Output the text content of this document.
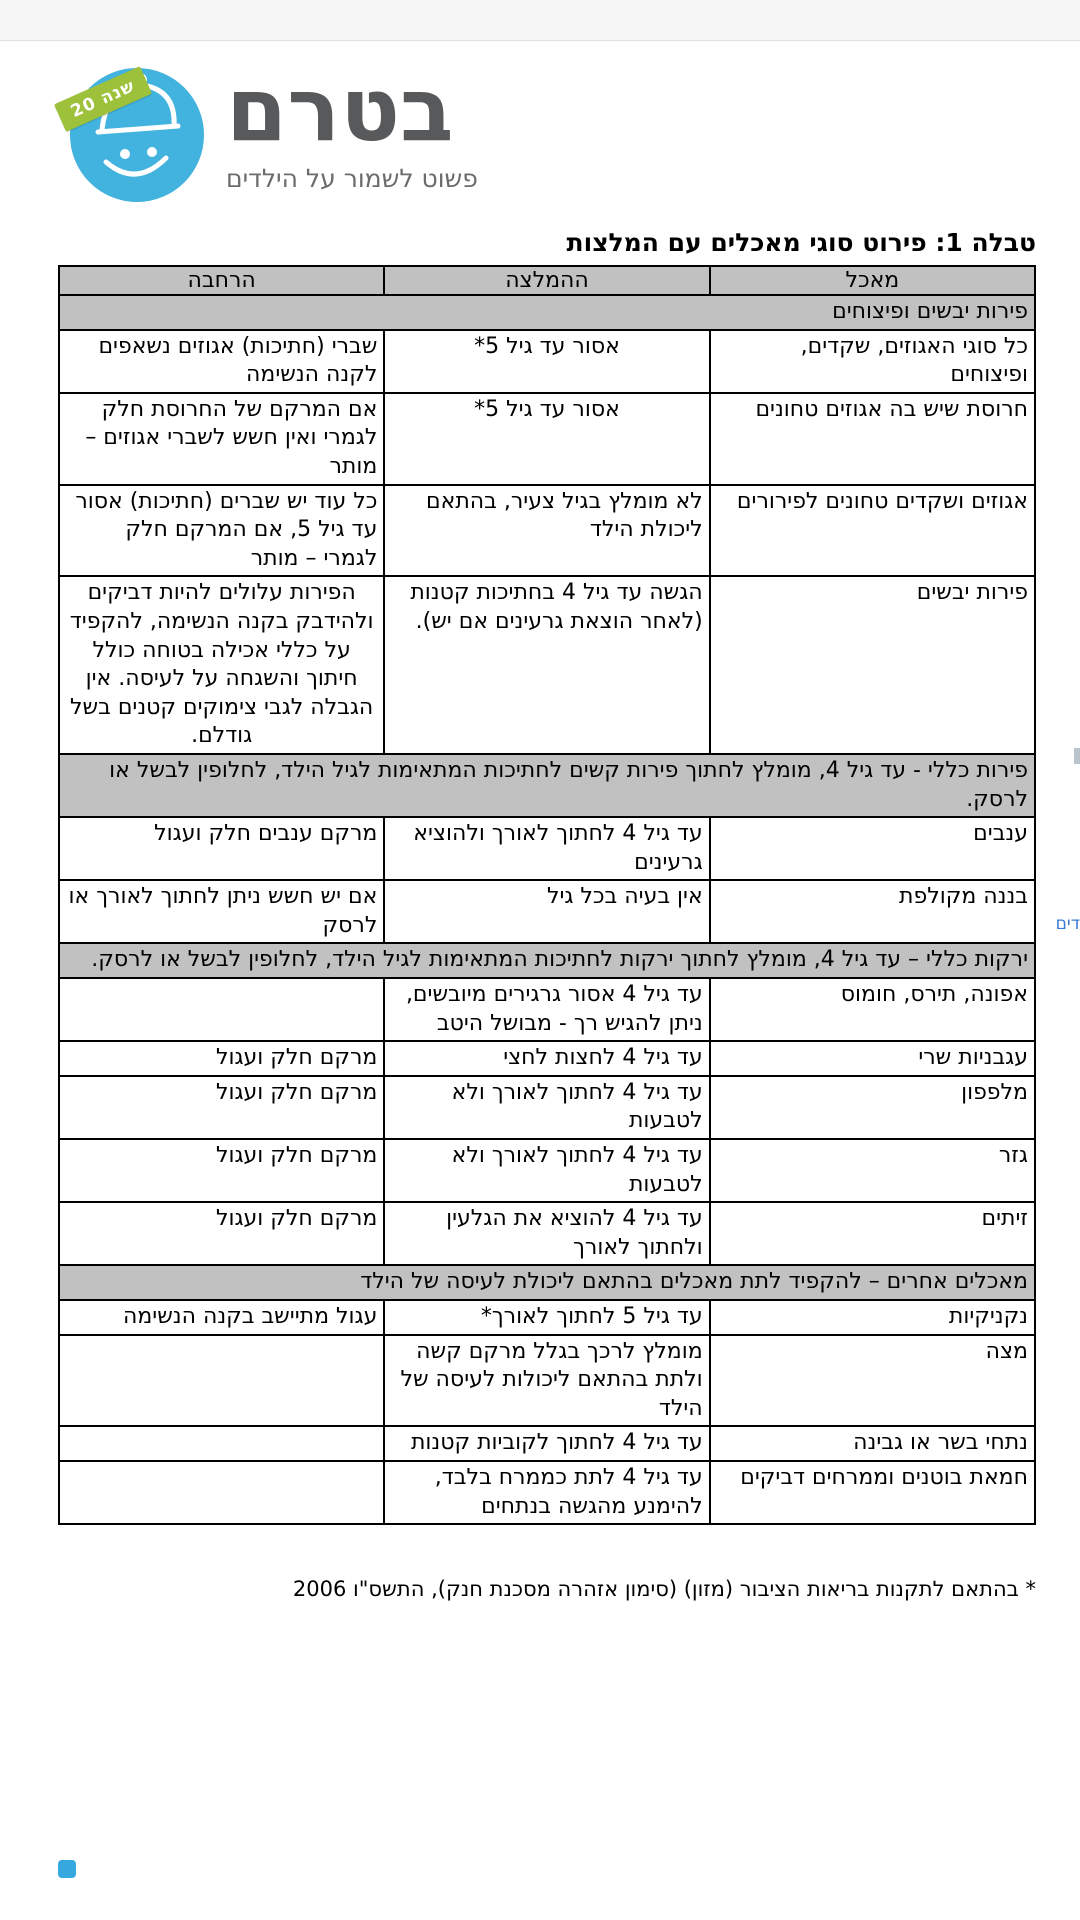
20 שנה בטרם
פשוט לשמור על הילדים
טבלה 1: פירוט סוגי מאכלים עם המלצות
מאכל	ההמלצה	הרחבה
פירות יבשים ופיצוחים		
כל סוגי האגוזים, שקדים, ופיצוחים	אסור עד גיל 5*	שברי (חתיכות) אגוזים נשאפים לקנה הנשימה
חרוסת שיש בה אגוזים טחונים	אסור עד גיל 5*	אם המרקם של החרוסת חלק לגמרי ואין חשש לשברי אגוזים – מותר
אגוזים ושקדים טחונים לפירורים	לא מומלץ בגיל צעיר, בהתאם ליכולת הילד	כל עוד יש שברים (חתיכות) אסור עד גיל 5, אם המרקם חלק לגמרי – מותר
פירות יבשים	הגשה עד גיל 4 בחתיכות קטנות (לאחר הוצאת גרעינים אם יש).	הפירות עלולים להיות דביקים ולהידבק בקנה הנשימה, להקפיד על כללי אכילה בטוחה כולל חיתוך והשגחה על לעיסה. אין הגבלה לגבי צימוקים קטנים בשל גודלם.
פירות כללי - עד גיל 4, מומלץ לחתוך פירות קשים לחתיכות המתאימות לגיל הילד, לחלופין לבשל או לרסק.		
ענבים	עד גיל 4 לחתוך לאורך ולהוציא גרעינים	מרקם ענבים חלק ועגול
בננה מקולפת	אין בעיה בכל גיל	אם יש חשש ניתן לחתוך לאורך או לרסק
ירקות כללי – עד גיל 4, מומלץ לחתוך ירקות לחתיכות המתאימות לגיל הילד, לחלופין לבשל או לרסק.		
אפונה, תירס, חומוס	עד גיל 4 אסור גרגירים מיובשים, ניתן להגיש רך - מבושל היטב	
עגבניות שרי	עד גיל 4 לחצות לחצי	מרקם חלק ועגול
מלפפון	עד גיל 4 לחתוך לאורך ולא לטבעות	מרקם חלק ועגול
גזר	עד גיל 4 לחתוך לאורך ולא לטבעות	מרקם חלק ועגול
זיתים	עד גיל 4 להוציא את הגלעין ולחתוך לאורך	מרקם חלק ועגול
מאכלים אחרים – להקפיד לתת מאכלים בהתאם ליכולת לעיסה של הילד		
נקניקיות	עד גיל 5 לחתוך לאורך*	עגול מתיישב בקנה הנשימה
מצה	מומלץ לרכך בגלל מרקם קשה ולתת בהתאם ליכולות לעיסה של הילד	
נתחי בשר או גבינה	עד גיל 4 לחתוך לקוביות קטנות	
חמאת בוטנים וממרחים דביקים	עד גיל 4 לתת כממרח בלבד, להימנע מהגשה בנתחים	
* בהתאם לתקנות בריאות הציבור (מזון) (סימון אזהרה מסכנת חנק), התשס"ו 2006
דים
